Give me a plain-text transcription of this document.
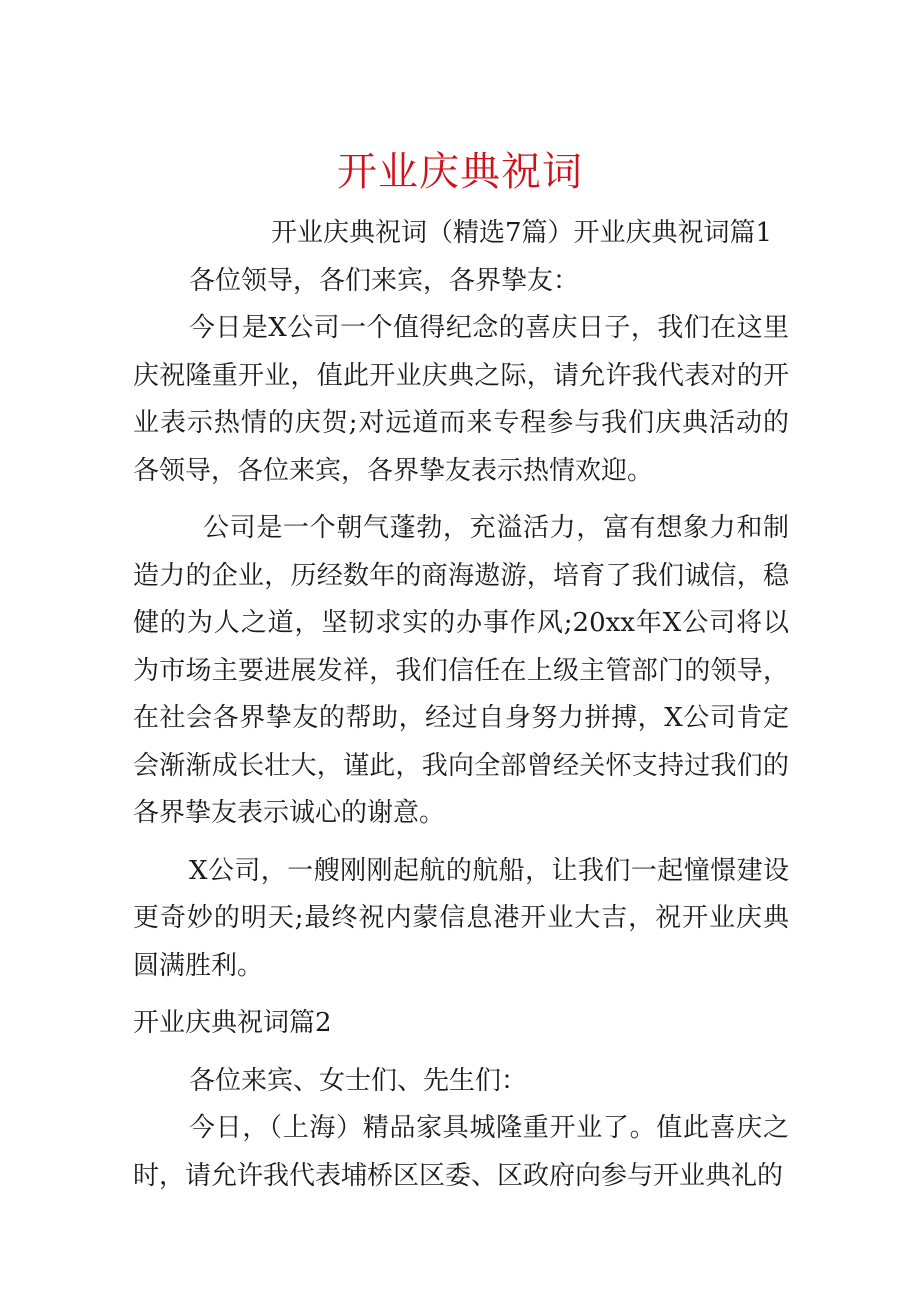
开业庆典祝词

开业庆典祝词（精选7篇）开业庆典祝词篇1

各位领导，各们来宾，各界挚友：

今日是X公司一个值得纪念的喜庆日子，我们在这里庆祝隆重开业，值此开业庆典之际，请允许我代表对的开业表示热情的庆贺;对远道而来专程参与我们庆典活动的各领导，各位来宾，各界挚友表示热情欢迎。

公司是一个朝气蓬勃，充溢活力，富有想象力和制造力的企业，历经数年的商海遨游，培育了我们诚信，稳健的为人之道，坚韧求实的办事作风;20xx年X公司将以为市场主要进展发祥，我们信任在上级主管部门的领导，在社会各界挚友的帮助，经过自身努力拼搏，X公司肯定会渐渐成长壮大，谨此，我向全部曾经关怀支持过我们的各界挚友表示诚心的谢意。

X公司，一艘刚刚起航的航船，让我们一起憧憬建设更奇妙的明天;最终祝内蒙信息港开业大吉，祝开业庆典圆满胜利。

开业庆典祝词篇2

各位来宾、女士们、先生们：

今日，（上海）精品家具城隆重开业了。值此喜庆之时，请允许我代表埔桥区区委、区政府向参与开业典礼的
